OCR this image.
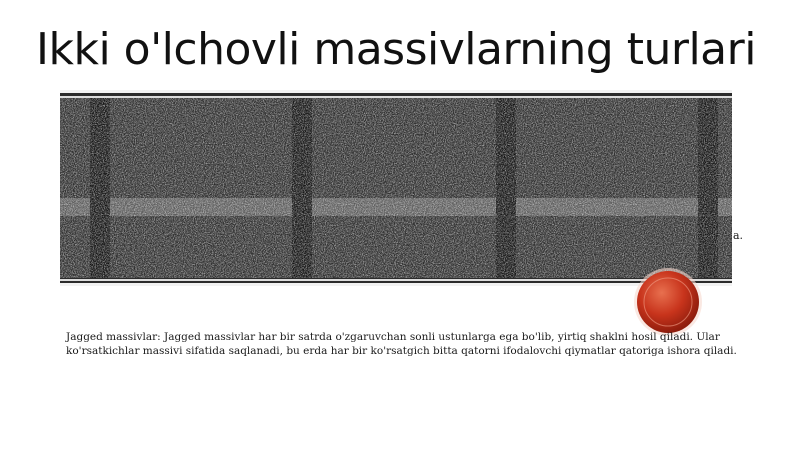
Ikki o'lchovli massivlarning turlari
a.
Jagged massivlar: Jagged massivlar har bir satrda o'zgaruvchan sonli ustunlarga ega bo'lib, yirtiq shaklni hosil qiladi. Ular ko'rsatkichlar massivi sifatida saqlanadi, bu erda har bir ko'rsatgich bitta qatorni ifodalovchi qiymatlar qatoriga ishora qiladi.
